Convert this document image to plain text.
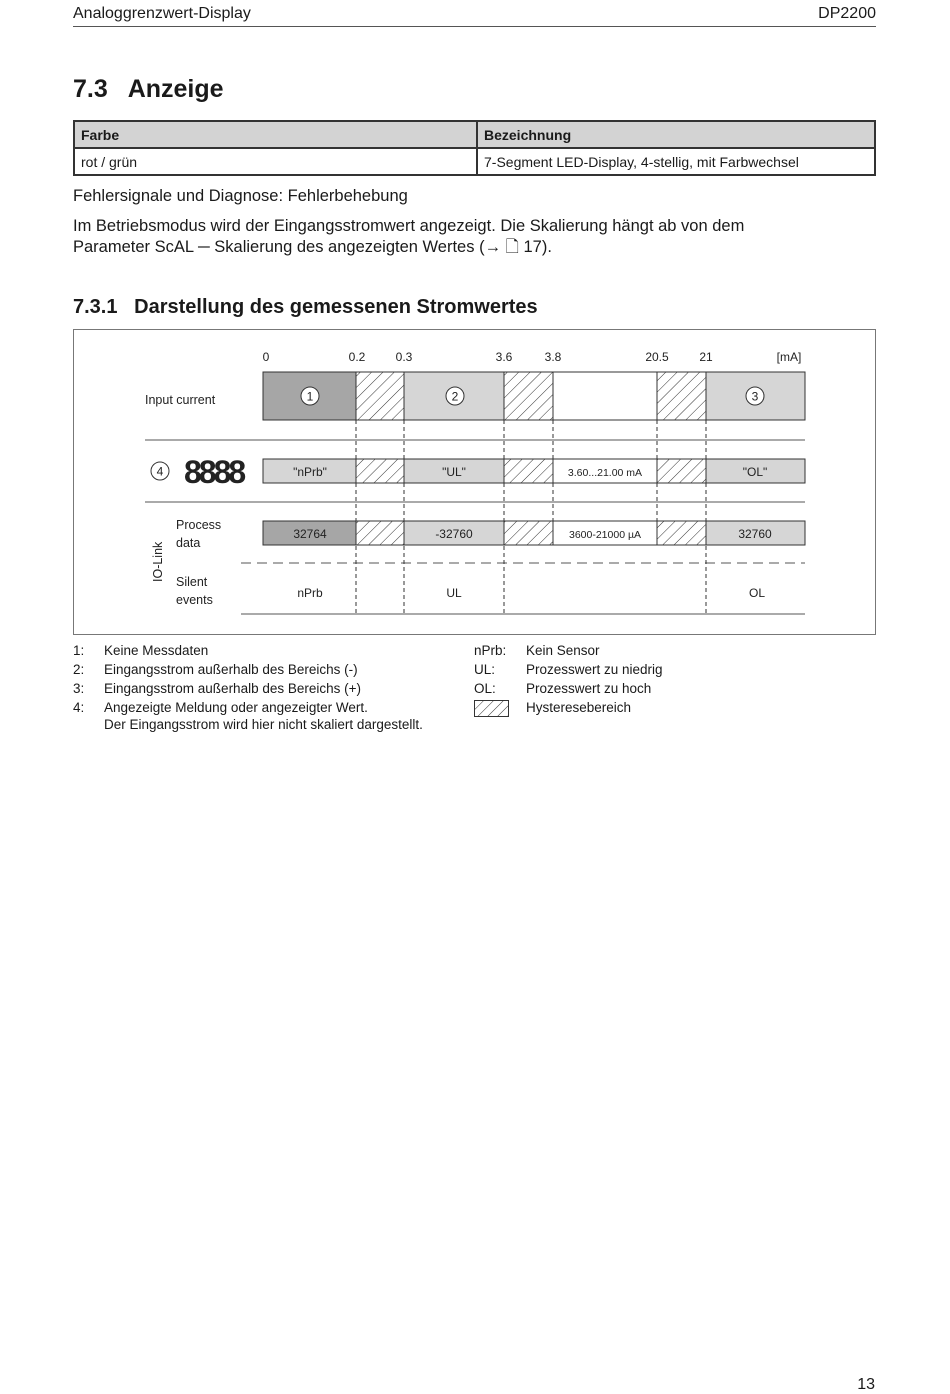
Analoggrenzwert-Display	DP2200
7.3 Anzeige
Farbe	Bezeichnung
rot / grün	7-Segment LED-Display, 4-stellig, mit Farbwechsel
Fehlersignale und Diagnose: Fehlerbehebung
Im Betriebsmodus wird der Eingangsstromwert angezeigt. Die Skalierung hängt ab von dem
Parameter ScAL ─ Skalierung des angezeigten Wertes (→ 🗋 17).
7.3.1 Darstellung des gemessenen Stromwertes
0	0.2	0.3	3.6	3.8	20.5	21	[mA]
Input current	1	2	3
4 8888	"nPrb"	"UL"	3.60...21.00 mA	"OL"
IO-Link
Process
data
32764	-32760	3600-21000 µA	32760
Silent
events	nPrb	UL	OL
1: Keine Messdaten
2: Eingangsstrom außerhalb des Bereichs (-)
3: Eingangsstrom außerhalb des Bereichs (+)
4: Angezeigte Meldung oder angezeigter Wert.
Der Eingangsstrom wird hier nicht skaliert dargestellt.
nPrb: Kein Sensor
UL: Prozesswert zu niedrig
OL: Prozesswert zu hoch
Hysteresebereich
13
